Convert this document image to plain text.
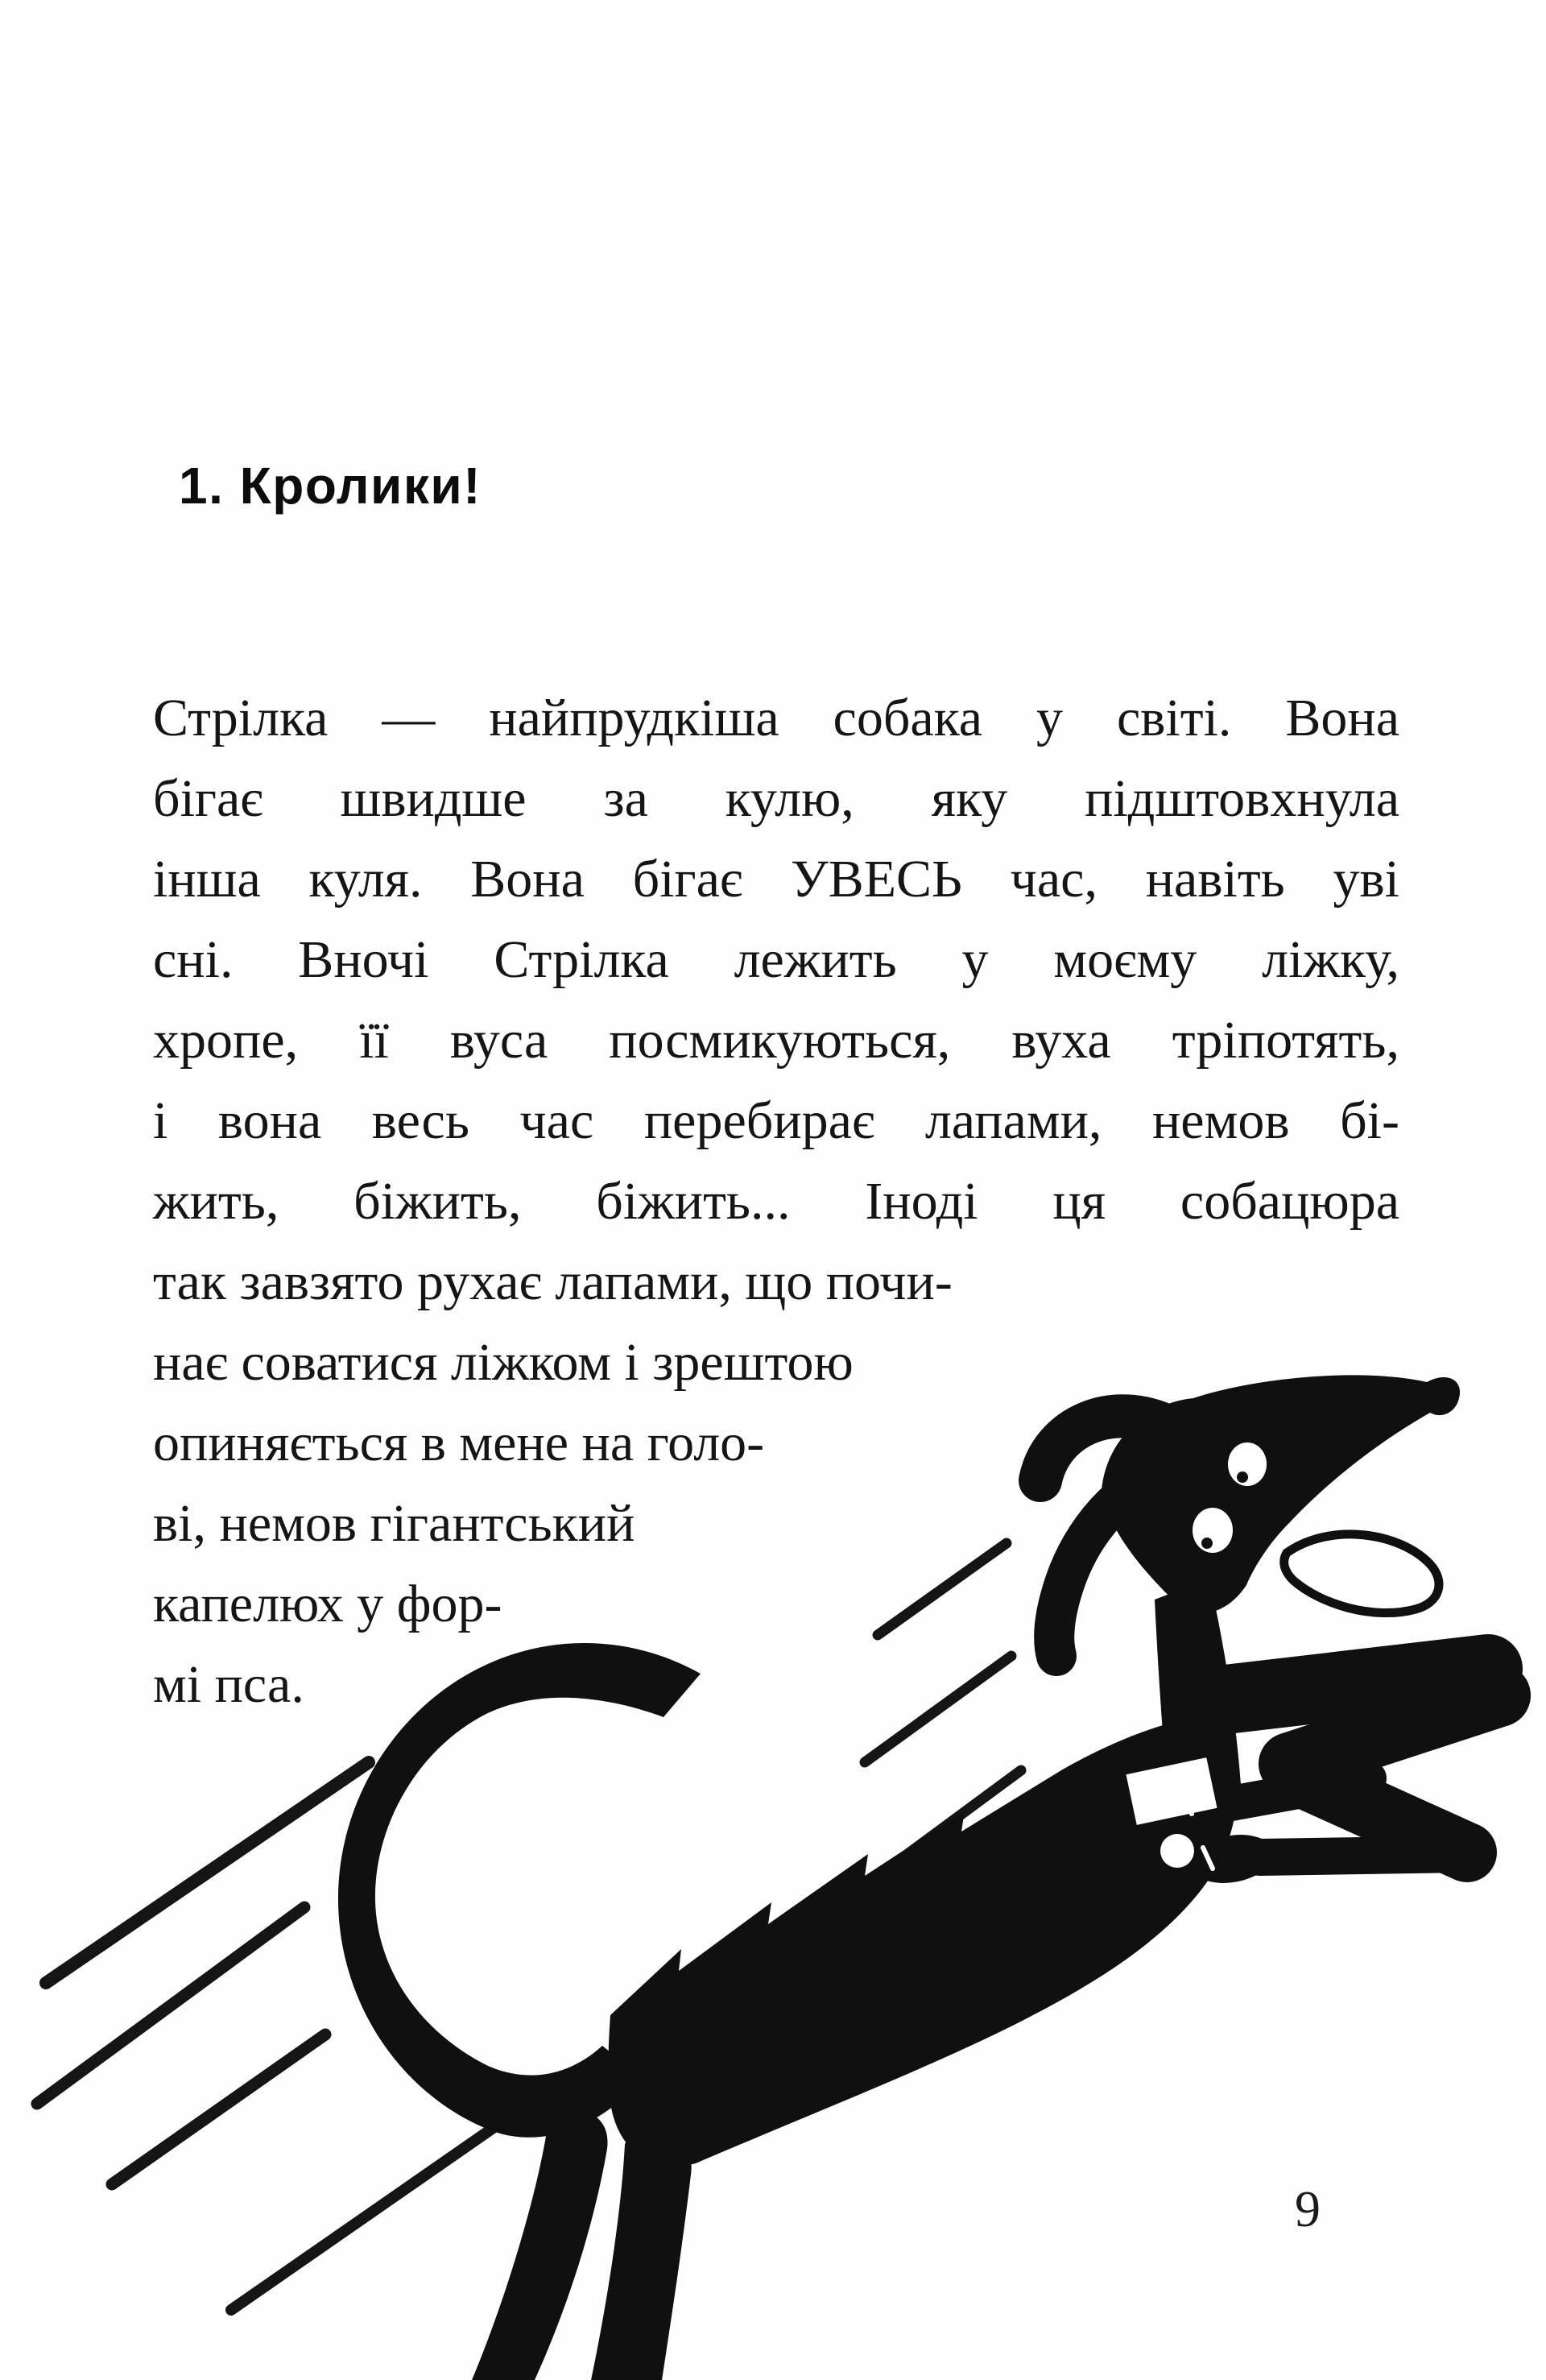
1. Кролики!
Стрілка — найпрудкіша собака у світі. Вона
бігає швидше за кулю, яку підштовхнула
інша куля. Вона бігає УВЕСЬ час, навіть уві
сні. Вночі Стрілка лежить у моєму ліжку,
хропе, її вуса посмикуються, вуха тріпотять,
і вона весь час перебирає лапами, немов бі-
жить, біжить, біжить... Іноді ця собацюра
так завзято рухає лапами, що почи-
нає соватися ліжком і зрештою
опиняється в мене на голо-
ві, немов гігантський
капелюх у фор-
мі пса.
9
